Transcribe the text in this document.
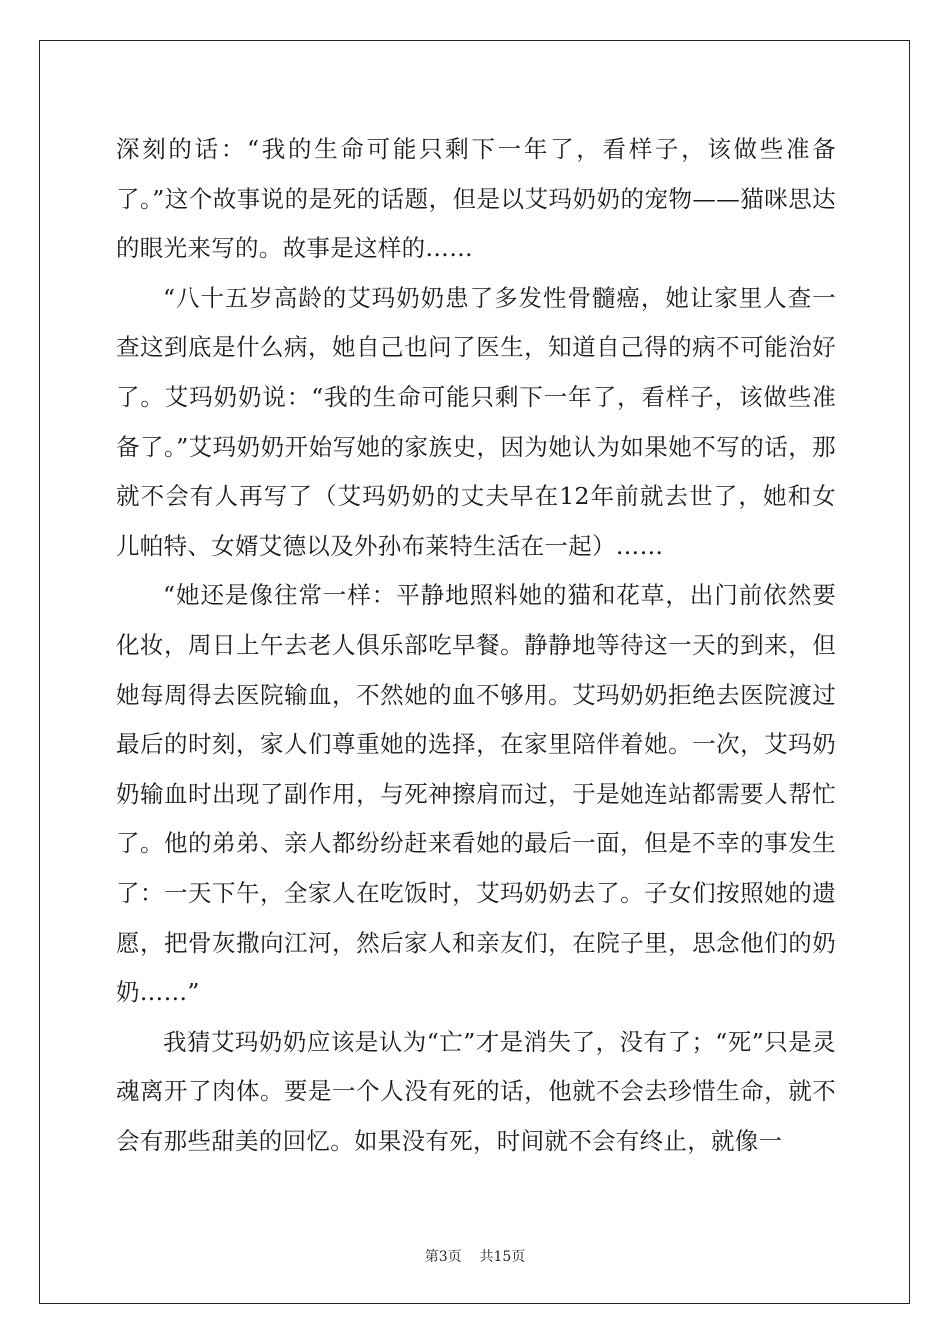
深刻的话：“我的生命可能只剩下一年了，看样子，该做些准备了。”这个故事说的是死的话题，但是以艾玛奶奶的宠物——猫咪思达的眼光来写的。故事是这样的……

“八十五岁高龄的艾玛奶奶患了多发性骨髓癌，她让家里人查一查这到底是什么病，她自己也问了医生，知道自己得的病不可能治好了。艾玛奶奶说：“我的生命可能只剩下一年了，看样子，该做些准备了。”艾玛奶奶开始写她的家族史，因为她认为如果她不写的话，那就不会有人再写了（艾玛奶奶的丈夫早在12年前就去世了，她和女儿帕特、女婿艾德以及外孙布莱特生活在一起）……

“她还是像往常一样：平静地照料她的猫和花草，出门前依然要化妆，周日上午去老人俱乐部吃早餐。静静地等待这一天的到来，但她每周得去医院输血，不然她的血不够用。艾玛奶奶拒绝去医院渡过最后的时刻，家人们尊重她的选择，在家里陪伴着她。一次，艾玛奶奶输血时出现了副作用，与死神擦肩而过，于是她连站都需要人帮忙了。他的弟弟、亲人都纷纷赶来看她的最后一面，但是不幸的事发生了：一天下午，全家人在吃饭时，艾玛奶奶去了。子女们按照她的遗愿，把骨灰撒向江河，然后家人和亲友们，在院子里，思念他们的奶奶……”

我猜艾玛奶奶应该是认为“亡”才是消失了，没有了；“死”只是灵魂离开了肉体。要是一个人没有死的话，他就不会去珍惜生命，就不会有那些甜美的回忆。如果没有死，时间就不会有终止，就像一

第3页 共15页
